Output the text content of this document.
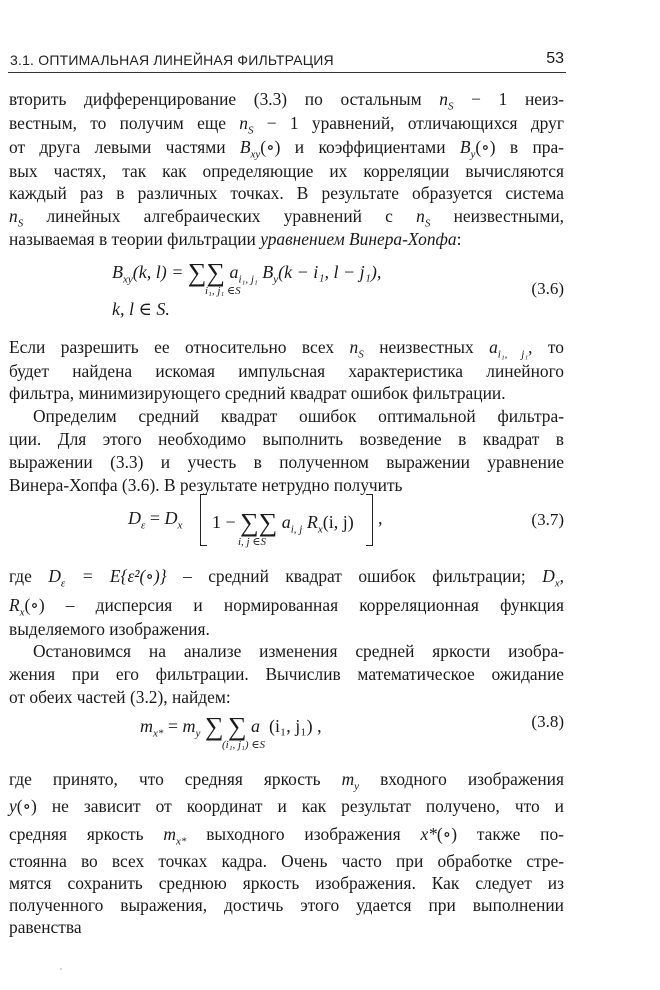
3.1. ОПТИМАЛЬНАЯ ЛИНЕЙНАЯ ФИЛЬТРАЦИЯ	53
вторить дифференцирование (3.3) по остальным $n_S - 1$ неиз-
вестным, то получим еще $n_S - 1$ уравнений, отличающихся друг
от друга левыми частями $B_{xy}(\circ)$ и коэффициентами $B_y(\circ)$ в пра-
вых частях, так как определяющие их корреляции вычисляются
каждый раз в различных точках. В результате образуется система
$n_S$ линейных алгебраических уравнений с $n_S$ неизвестными,
называемая в теории фильтрации уравнением Винера-Хопфа:
$B_{xy}(k$, l) = ∑∑ $a_{i_1, j_1}$ $B_y(k - i_1$, l − j₁),
i₁, j₁ ∈S
k, l ∈ S.
(3.6)
Если разрешить ее относительно всех $n_S$ неизвестных $a_{i_1, j_1}$, то
будет найдена искомая импульсная характеристика линейного
фильтра, минимизирующего средний квадрат ошибок фильтрации.
Определим средний квадрат ошибок оптимальной фильтра-
ции. Для этого необходимо выполнить возведение в квадрат в
выражении (3.3) и учесть в полученном выражении уравнение
Винера-Хопфа (3.6). В результате нетрудно получить
$D_\varepsilon = D_x$ 1 − ∑∑ $a_{i, j}$ $R_x(i$, j)
i, j ∈S
,	(3.7)
где $D_\varepsilon$ = E{ε²(∘)} – средний квадрат ошибок фильтрации; $D_x$,
$R_x(\circ)$ – дисперсия и нормированная корреляционная функция
выделяемого изображения.
Остановимся на анализе изменения средней яркости изобра-
жения при его фильтрации. Вычислив математическое ожидание
от обеих частей (3.2), найдем:
$m_{x*} = m_y$ ∑ ∑ a (i₁, j₁) ,
(i₁, j₁) ∈S
(3.8)
где принято, что средняя яркость $m_y$ входного изображения
y(∘) не зависит от координат и как результат получено, что и
средняя яркость $m_{x*}$ выходного изображения x*(∘) также по-
стоянна во всех точках кадра. Очень часто при обработке стре-
мятся сохранить среднюю яркость изображения. Как следует из
полученного выражения, достичь этого удается при выполнении
равенства
